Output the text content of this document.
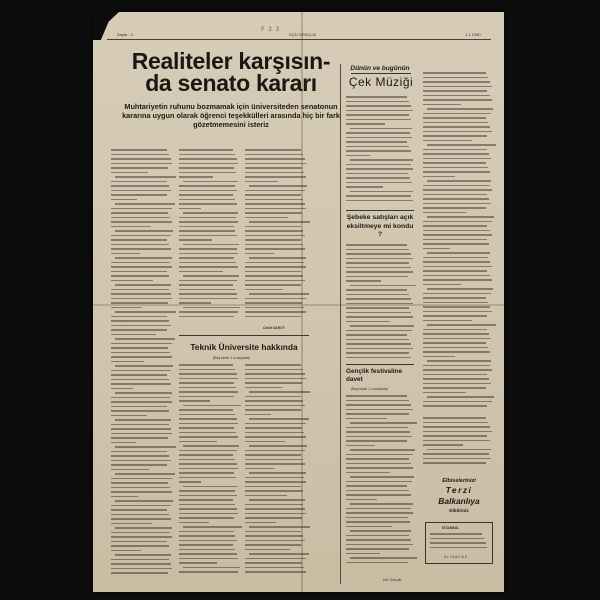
Sayfa : 4	ÜÇÜ GENÇLİK	1.1.1950
F 3 3
Realiteler karşısın-
da senato kararı
Muhtariyetin ruhunu bozmamak için üniversiteden senatonun kararına uygun olarak öğrenci teşekkülleri arasında hiç bir fark gözetmemesini isteriz
Cahit SARUT
Teknik Üniversite hakkında
(Baş tarafı 1 ci sayfada)
Dünün ve bugünün
Çek Müziği
Şebeke satışları açık eksiltmeye mi kondu ?
Gençlik festivaline davet
(Baş tarafı 1 ci sayfada)
Hür Gençlik
Elbiselerinizi
Terzi
Balkanlıya
Diktiriniz
İSTANBUL
A L I N A C A K
